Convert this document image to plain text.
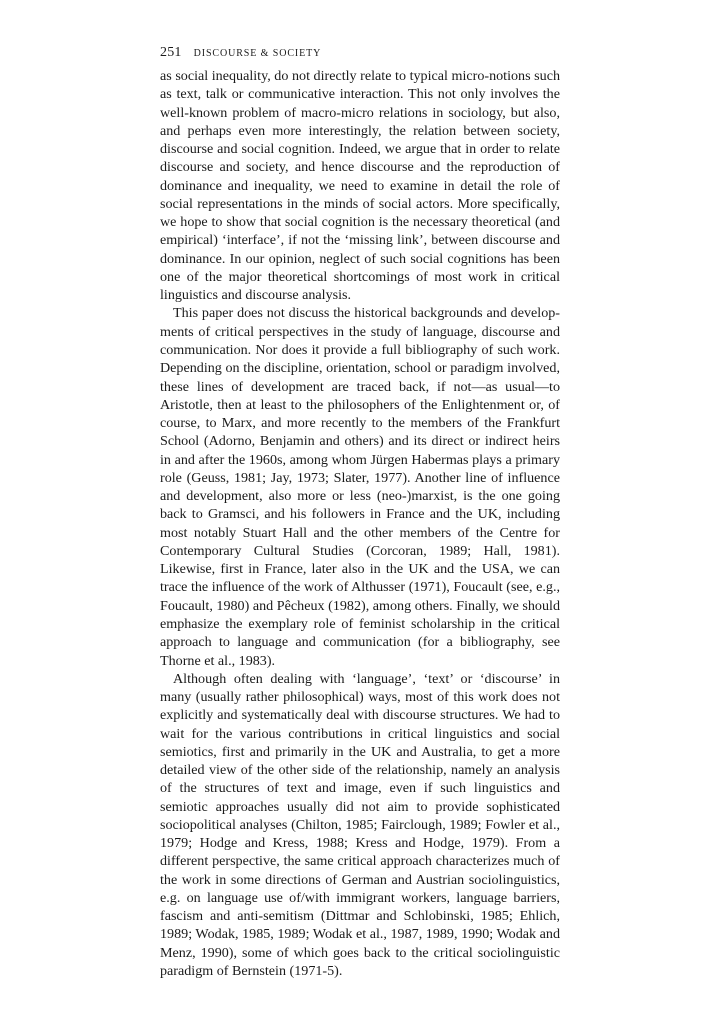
251 DISCOURSE & SOCIETY

as social inequality, do not directly relate to typical micro-notions such as text, talk or communicative interaction. This not only involves the well-known problem of macro-micro relations in sociology, but also, and perhaps even more interestingly, the relation between society, discourse and social cognition. Indeed, we argue that in order to relate discourse and society, and hence discourse and the reproduction of dominance and inequality, we need to examine in detail the role of social representations in the minds of social actors. More specifically, we hope to show that social cognition is the necessary theoretical (and empirical) ‘interface’, if not the ‘missing link’, between discourse and dominance. In our opinion, neglect of such social cognitions has been one of the major theoretical shortcomings of most work in critical linguistics and discourse analysis.

This paper does not discuss the historical backgrounds and developments of critical perspectives in the study of language, discourse and communication. Nor does it provide a full bibliography of such work. Depending on the discipline, orientation, school or paradigm involved, these lines of development are traced back, if not—as usual—to Aristotle, then at least to the philosophers of the Enlightenment or, of course, to Marx, and more recently to the members of the Frankfurt School (Adorno, Benjamin and others) and its direct or indirect heirs in and after the 1960s, among whom Jürgen Habermas plays a primary role (Geuss, 1981; Jay, 1973; Slater, 1977). Another line of influence and development, also more or less (neo-)marxist, is the one going back to Gramsci, and his followers in France and the UK, including most notably Stuart Hall and the other members of the Centre for Contemporary Cultural Studies (Corcoran, 1989; Hall, 1981). Likewise, first in France, later also in the UK and the USA, we can trace the influence of the work of Althusser (1971), Foucault (see, e.g., Foucault, 1980) and Pêcheux (1982), among others. Finally, we should emphasize the exemplary role of feminist scholarship in the critical approach to language and communication (for a bibliography, see Thorne et al., 1983).

Although often dealing with ‘language’, ‘text’ or ‘discourse’ in many (usually rather philosophical) ways, most of this work does not explicitly and systematically deal with discourse structures. We had to wait for the various contributions in critical linguistics and social semiotics, first and primarily in the UK and Australia, to get a more detailed view of the other side of the relationship, namely an analysis of the structures of text and image, even if such linguistics and semiotic approaches usually did not aim to provide sophisticated sociopolitical analyses (Chilton, 1985; Fairclough, 1989; Fowler et al., 1979; Hodge and Kress, 1988; Kress and Hodge, 1979). From a different perspective, the same critical approach characterizes much of the work in some directions of German and Austrian sociolinguistics, e.g. on language use of/with immigrant workers, language barriers, fascism and anti-semitism (Dittmar and Schlobinski, 1985; Ehlich, 1989; Wodak, 1985, 1989; Wodak et al., 1987, 1989, 1990; Wodak and Menz, 1990), some of which goes back to the critical sociolinguistic paradigm of Bernstein (1971-5).
